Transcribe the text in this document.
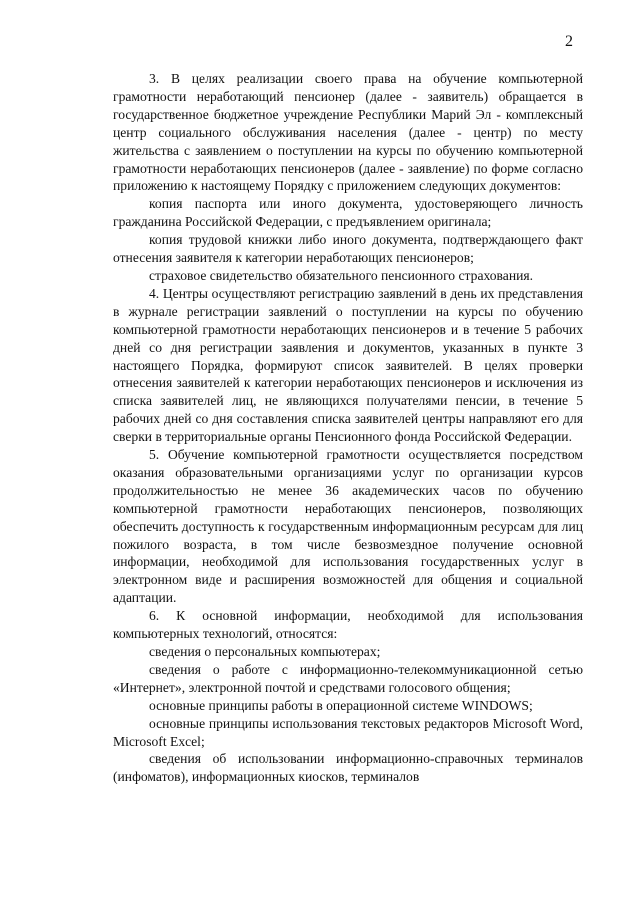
2

3. В целях реализации своего права на обучение компьютерной грамотности неработающий пенсионер (далее - заявитель) обращается в государственное бюджетное учреждение Республики Марий Эл - комплексный центр социального обслуживания населения (далее - центр) по месту жительства с заявлением о поступлении на курсы по обучению компьютерной грамотности неработающих пенсионеров (далее - заявление) по форме согласно приложению к настоящему Порядку с приложением следующих документов:

копия паспорта или иного документа, удостоверяющего личность гражданина Российской Федерации, с предъявлением оригинала;

копия трудовой книжки либо иного документа, подтверждающего факт отнесения заявителя к категории неработающих пенсионеров;

страховое свидетельство обязательного пенсионного страхования.

4. Центры осуществляют регистрацию заявлений в день их представления в журнале регистрации заявлений о поступлении на курсы по обучению компьютерной грамотности неработающих пенсионеров и в течение 5 рабочих дней со дня регистрации заявления и документов, указанных в пункте 3 настоящего Порядка, формируют список заявителей. В целях проверки отнесения заявителей к категории неработающих пенсионеров и исключения из списка заявителей лиц, не являющихся получателями пенсии, в течение 5 рабочих дней со дня составления списка заявителей центры направляют его для сверки в территориальные органы Пенсионного фонда Российской Федерации.

5. Обучение компьютерной грамотности осуществляется посредством оказания образовательными организациями услуг по организации курсов продолжительностью не менее 36 академических часов по обучению компьютерной грамотности неработающих пенсионеров, позволяющих обеспечить доступность к государственным информационным ресурсам для лиц пожилого возраста, в том числе безвозмездное получение основной информации, необходимой для использования государственных услуг в электронном виде и расширения возможностей для общения и социальной адаптации.

6. К основной информации, необходимой для использования компьютерных технологий, относятся:

сведения о персональных компьютерах;

сведения о работе с информационно-телекоммуникационной сетью «Интернет», электронной почтой и средствами голосового общения;

основные принципы работы в операционной системе WINDOWS;

основные принципы использования текстовых редакторов Microsoft Word, Microsoft Excel;

сведения об использовании информационно-справочных терминалов (инфоматов), информационных киосков, терминалов
